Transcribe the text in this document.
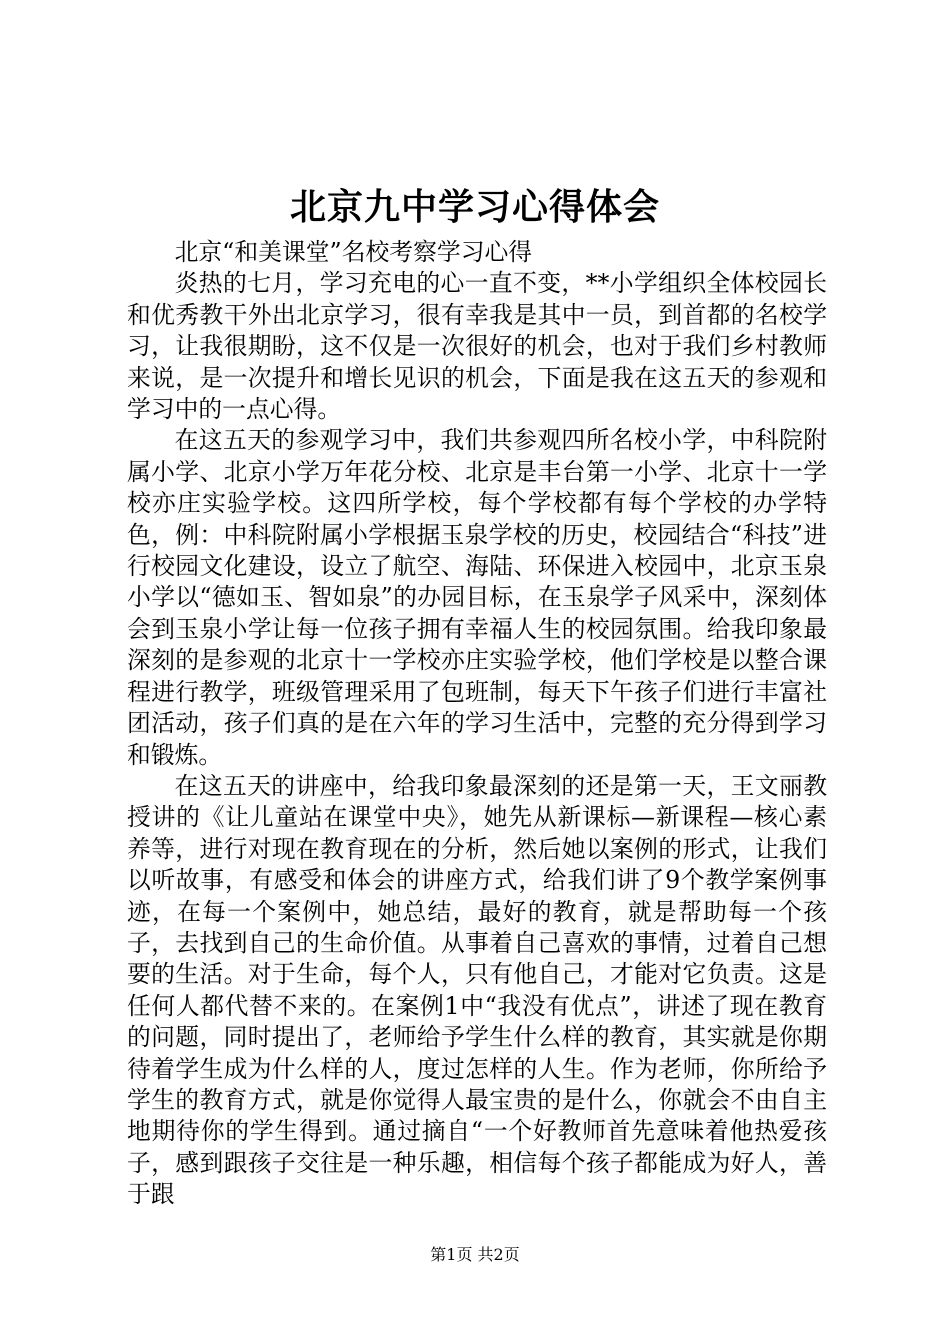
北京九中学习心得体会

北京“和美课堂”名校考察学习心得

炎热的七月，学习充电的心一直不变，**小学组织全体校园长和优秀教干外出北京学习，很有幸我是其中一员，到首都的名校学习，让我很期盼，这不仅是一次很好的机会，也对于我们乡村教师来说，是一次提升和增长见识的机会，下面是我在这五天的参观和学习中的一点心得。

在这五天的参观学习中，我们共参观四所名校小学，中科院附属小学、北京小学万年花分校、北京是丰台第一小学、北京十一学校亦庄实验学校。这四所学校，每个学校都有每个学校的办学特色，例：中科院附属小学根据玉泉学校的历史，校园结合“科技”进行校园文化建设，设立了航空、海陆、环保进入校园中，北京玉泉小学以“德如玉、智如泉”的办园目标，在玉泉学子风采中，深刻体会到玉泉小学让每一位孩子拥有幸福人生的校园氛围。给我印象最深刻的是参观的北京十一学校亦庄实验学校，他们学校是以整合课程进行教学，班级管理采用了包班制，每天下午孩子们进行丰富社团活动，孩子们真的是在六年的学习生活中，完整的充分得到学习和锻炼。

在这五天的讲座中，给我印象最深刻的还是第一天，王文丽教授讲的《让儿童站在课堂中央》，她先从新课标—新课程—核心素养等，进行对现在教育现在的分析，然后她以案例的形式，让我们以听故事，有感受和体会的讲座方式，给我们讲了9个教学案例事迹，在每一个案例中，她总结，最好的教育，就是帮助每一个孩子，去找到自己的生命价值。从事着自己喜欢的事情，过着自己想要的生活。对于生命，每个人，只有他自己，才能对它负责。这是任何人都代替不来的。在案例1中“我没有优点”，讲述了现在教育的问题，同时提出了，老师给予学生什么样的教育，其实就是你期待着学生成为什么样的人，度过怎样的人生。作为老师，你所给予学生的教育方式，就是你觉得人最宝贵的是什么，你就会不由自主地期待你的学生得到。通过摘自“一个好教师首先意味着他热爱孩子，感到跟孩子交往是一种乐趣，相信每个孩子都能成为好人，善于跟

第1页 共2页
